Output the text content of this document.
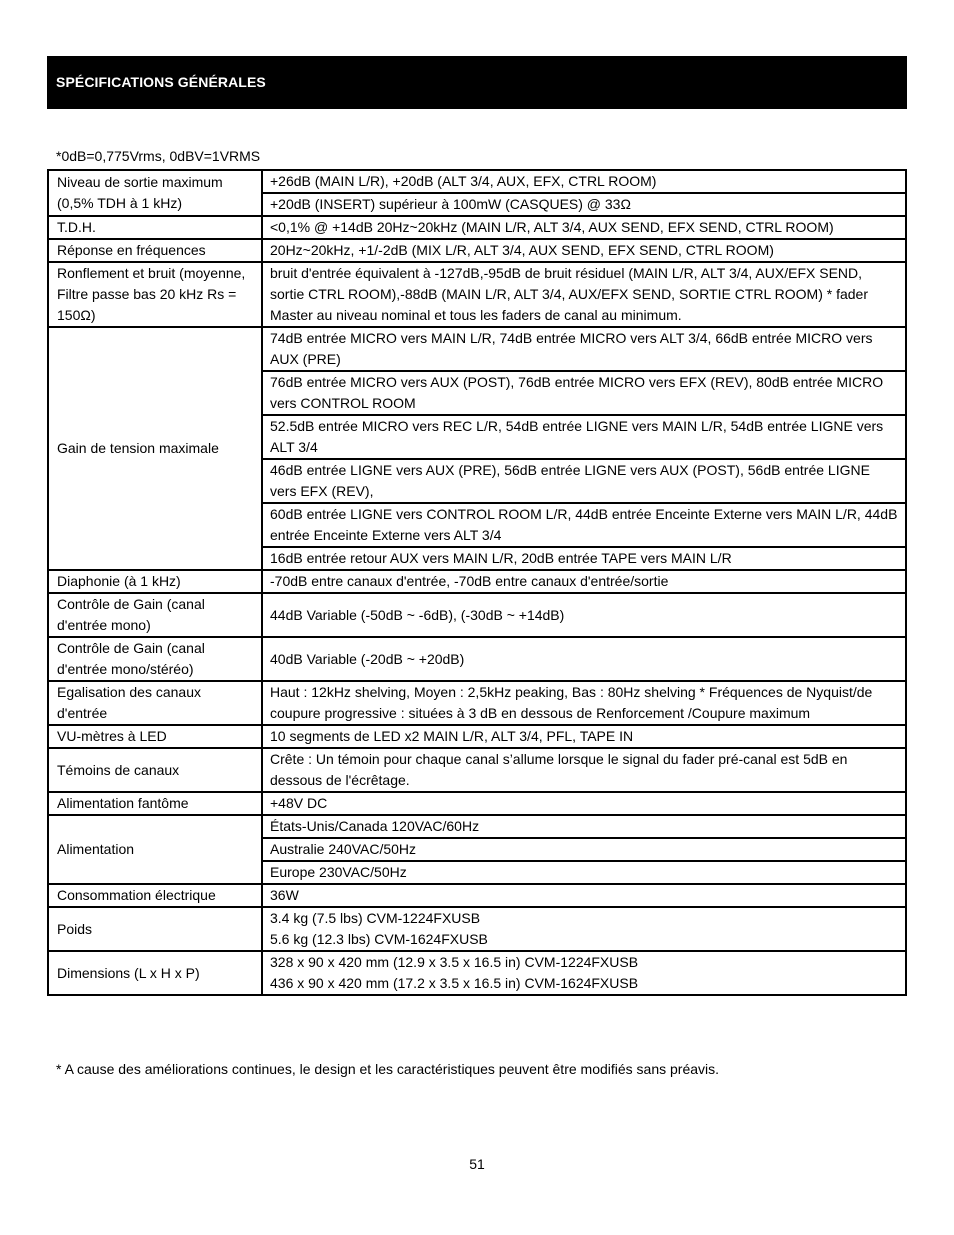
SPÉCIFICATIONS GÉNÉRALES
*0dB=0,775Vrms, 0dBV=1VRMS
Niveau de sortie maximum (0,5% TDH à 1 kHz)	+26dB (MAIN L/R), +20dB (ALT 3/4, AUX, EFX, CTRL ROOM)
	+20dB (INSERT) supérieur à 100mW (CASQUES) @ 33Ω
T.D.H.	<0,1% @ +14dB 20Hz~20kHz (MAIN L/R, ALT 3/4, AUX SEND, EFX SEND, CTRL ROOM)

Réponse en fréquences	20Hz~20kHz, +1/-2dB (MIX L/R, ALT 3/4, AUX SEND, EFX SEND, CTRL ROOM)

Ronflement et bruit (moyenne, Filtre passe bas 20 kHz Rs = 150Ω)	bruit d'entrée équivalent à -127dB,-95dB de bruit résiduel (MAIN L/R, ALT 3/4, AUX/EFX SEND, sortie CTRL ROOM),-88dB (MAIN L/R, ALT 3/4, AUX/EFX SEND, SORTIE CTRL ROOM) * fader Master au niveau nominal et tous les faders de canal au minimum.

Gain de tension maximale	74dB entrée MICRO vers MAIN L/R, 74dB entrée MICRO vers ALT 3/4, 66dB entrée MICRO vers AUX (PRE)
	76dB entrée MICRO vers AUX (POST), 76dB entrée MICRO vers EFX (REV), 80dB entrée MICRO vers CONTROL ROOM
	52.5dB entrée MICRO vers REC L/R, 54dB entrée LIGNE vers MAIN L/R, 54dB entrée LIGNE vers ALT 3/4
	46dB entrée LIGNE vers AUX (PRE), 56dB entrée LIGNE vers AUX (POST), 56dB entrée LIGNE vers EFX (REV),
	60dB entrée LIGNE vers CONTROL ROOM L/R, 44dB entrée Enceinte Externe vers MAIN L/R, 44dB entrée Enceinte Externe vers ALT 3/4
	16dB entrée retour AUX vers MAIN L/R, 20dB entrée TAPE vers MAIN L/R
Diaphonie (à 1 kHz)	-70dB entre canaux d'entrée, -70dB entre canaux d'entrée/sortie

Contrôle de Gain (canal d'entrée mono)	44dB Variable (-50dB ~ -6dB), (-30dB ~ +14dB)

Contrôle de Gain (canal d'entrée mono/stéréo)	40dB Variable (-20dB ~ +20dB)

Egalisation des canaux d'entrée	Haut : 12kHz shelving, Moyen : 2,5kHz peaking, Bas : 80Hz shelving * Fréquences de Nyquist/de coupure progressive : situées à 3 dB en dessous de Renforcement /Coupure maximum

VU-mètres à LED	10 segments de LED x2 MAIN L/R, ALT 3/4, PFL, TAPE IN

Témoins de canaux	Crête : Un témoin pour chaque canal s’allume lorsque le signal du fader pré-canal est 5dB en dessous de l'écrêtage.

Alimentation fantôme	+48V DC

Alimentation	États-Unis/Canada 120VAC/60Hz
	Australie 240VAC/50Hz
	Europe 230VAC/50Hz
Consommation électrique	36W

Poids	3.4 kg (7.5 lbs) CVM-1224FXUSB
5.6 kg (12.3 lbs) CVM-1624FXUSB

Dimensions (L x H x P)	328 x 90 x 420 mm (12.9 x 3.5 x 16.5 in) CVM-1224FXUSB
436 x 90 x 420 mm (17.2 x 3.5 x 16.5 in) CVM-1624FXUSB
* A cause des améliorations continues, le design et les caractéristiques peuvent être modifiés sans préavis.
51
